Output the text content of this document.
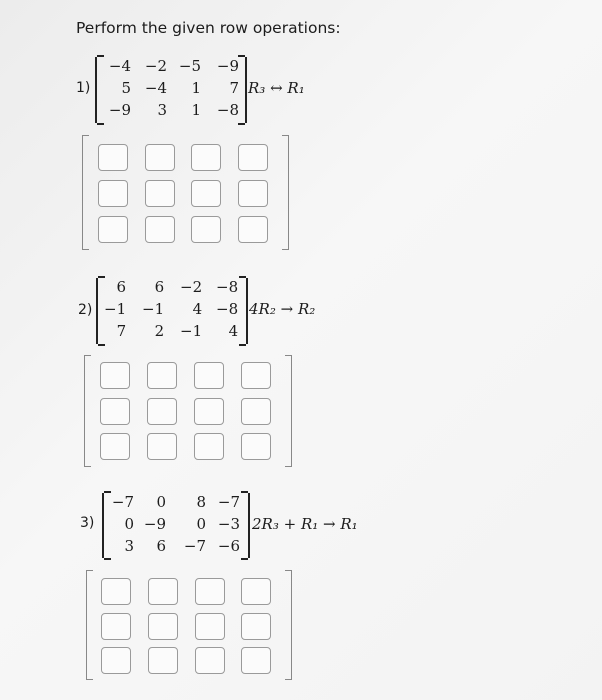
Perform the given row operations:
1)
−4 −2 −5	−9
5 −4	1	7
−9	3	1	−8
R₃ ↔ R₁
2)
6	6	−2 −8
−1	−1	4 −8
7	2	−1	4
4R₂ → R₂
3)
−7	0	8 −7
0 −9	0 −3
3	6	−7 −6
2R₃ + R₁ → R₁
